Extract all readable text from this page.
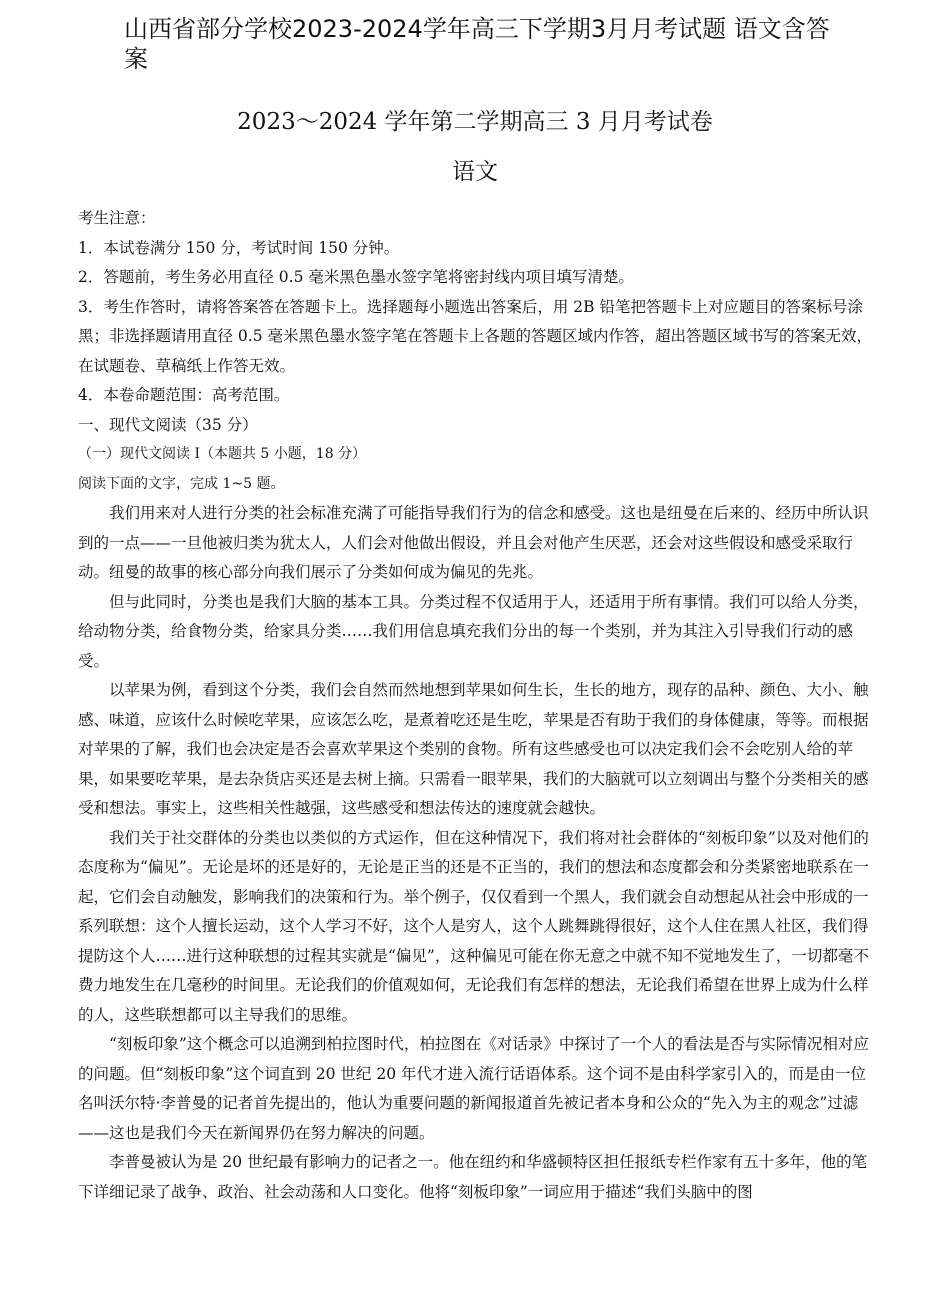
山西省部分学校2023-2024学年高三下学期3月月考试题 语文含答案
2023～2024 学年第二学期高三 3 月月考试卷
语文

考生注意：

1．本试卷满分 150 分，考试时间 150 分钟。

2．答题前，考生务必用直径 0.5 毫米黑色墨水签字笔将密封线内项目填写清楚。

3．考生作答时，请将答案答在答题卡上。选择题每小题选出答案后，用 2B 铅笔把答题卡上对应题目的答案标号涂黑；非选择题请用直径 0.5 毫米黑色墨水签字笔在答题卡上各题的答题区域内作答，超出答题区域书写的答案无效，在试题卷、草稿纸上作答无效。

4．本卷命题范围：高考范围。

一、现代文阅读（35 分）

（一）现代文阅读 I（本题共 5 小题，18 分）

阅读下面的文字，完成 1~5 题。

我们用来对人进行分类的社会标准充满了可能指导我们行为的信念和感受。这也是纽曼在后来的、经历中所认识到的一点——一旦他被归类为犹太人，人们会对他做出假设，并且会对他产生厌恶，还会对这些假设和感受采取行动。纽曼的故事的核心部分向我们展示了分类如何成为偏见的先兆。

但与此同时，分类也是我们大脑的基本工具。分类过程不仅适用于人，还适用于所有事情。我们可以给人分类，给动物分类，给食物分类，给家具分类……我们用信息填充我们分出的每一个类别，并为其注入引导我们行动的感受。

以苹果为例，看到这个分类，我们会自然而然地想到苹果如何生长，生长的地方，现存的品种、颜色、大小、触感、味道，应该什么时候吃苹果，应该怎么吃，是煮着吃还是生吃，苹果是否有助于我们的身体健康，等等。而根据对苹果的了解，我们也会决定是否会喜欢苹果这个类别的食物。所有这些感受也可以决定我们会不会吃别人给的苹果，如果要吃苹果，是去杂货店买还是去树上摘。只需看一眼苹果，我们的大脑就可以立刻调出与整个分类相关的感受和想法。事实上，这些相关性越强，这些感受和想法传达的速度就会越快。

我们关于社交群体的分类也以类似的方式运作，但在这种情况下，我们将对社会群体的“刻板印象”以及对他们的态度称为“偏见”。无论是坏的还是好的，无论是正当的还是不正当的，我们的想法和态度都会和分类紧密地联系在一起，它们会自动触发，影响我们的决策和行为。举个例子，仅仅看到一个黑人，我们就会自动想起从社会中形成的一系列联想：这个人擅长运动，这个人学习不好，这个人是穷人，这个人跳舞跳得很好，这个人住在黑人社区，我们得提防这个人……进行这种联想的过程其实就是“偏见”，这种偏见可能在你无意之中就不知不觉地发生了，一切都毫不费力地发生在几毫秒的时间里。无论我们的价值观如何，无论我们有怎样的想法，无论我们希望在世界上成为什么样的人，这些联想都可以主导我们的思维。

“刻板印象”这个概念可以追溯到柏拉图时代，柏拉图在《对话录》中探讨了一个人的看法是否与实际情况相对应的问题。但“刻板印象”这个词直到 20 世纪 20 年代才进入流行话语体系。这个词不是由科学家引入的，而是由一位名叫沃尔特·李普曼的记者首先提出的，他认为重要问题的新闻报道首先被记者本身和公众的“先入为主的观念”过滤——这也是我们今天在新闻界仍在努力解决的问题。

李普曼被认为是 20 世纪最有影响力的记者之一。他在纽约和华盛顿特区担任报纸专栏作家有五十多年，他的笔下详细记录了战争、政治、社会动荡和人口变化。他将“刻板印象”一词应用于描述“我们头脑中的图
